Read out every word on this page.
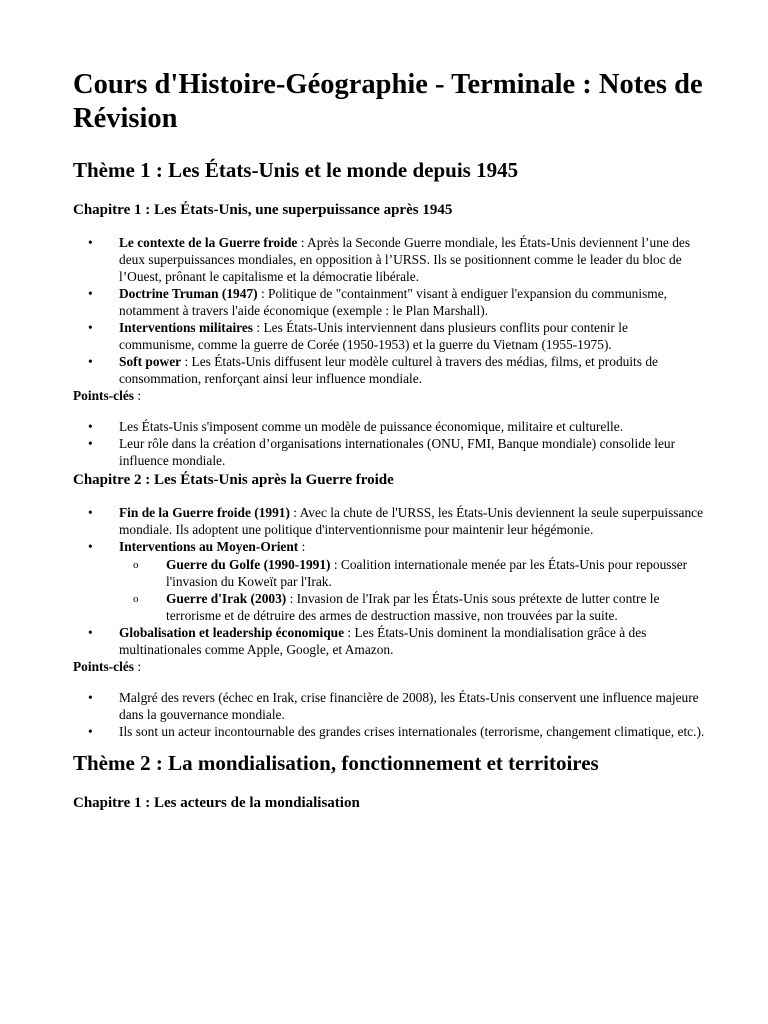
Cours d'Histoire-Géographie - Terminale : Notes de Révision
Thème 1 : Les États-Unis et le monde depuis 1945
Chapitre 1 : Les États-Unis, une superpuissance après 1945
• Le contexte de la Guerre froide : Après la Seconde Guerre mondiale, les États-Unis deviennent l’une des deux superpuissances mondiales, en opposition à l’URSS. Ils se positionnent comme le leader du bloc de l’Ouest, prônant le capitalisme et la démocratie libérale.
• Doctrine Truman (1947) : Politique de "containment" visant à endiguer l'expansion du communisme, notamment à travers l'aide économique (exemple : le Plan Marshall).
• Interventions militaires : Les États-Unis interviennent dans plusieurs conflits pour contenir le communisme, comme la guerre de Corée (1950-1953) et la guerre du Vietnam (1955-1975).
• Soft power : Les États-Unis diffusent leur modèle culturel à travers des médias, films, et produits de consommation, renforçant ainsi leur influence mondiale.
Points-clés :
• Les États-Unis s'imposent comme un modèle de puissance économique, militaire et culturelle.
• Leur rôle dans la création d’organisations internationales (ONU, FMI, Banque mondiale) consolide leur influence mondiale.
Chapitre 2 : Les États-Unis après la Guerre froide
• Fin de la Guerre froide (1991) : Avec la chute de l'URSS, les États-Unis deviennent la seule superpuissance mondiale. Ils adoptent une politique d'interventionnisme pour maintenir leur hégémonie.
• Interventions au Moyen-Orient :
o Guerre du Golfe (1990-1991) : Coalition internationale menée par les États-Unis pour repousser l'invasion du Koweït par l'Irak.
o Guerre d'Irak (2003) : Invasion de l'Irak par les États-Unis sous prétexte de lutter contre le terrorisme et de détruire des armes de destruction massive, non trouvées par la suite.
• Globalisation et leadership économique : Les États-Unis dominent la mondialisation grâce à des multinationales comme Apple, Google, et Amazon.
Points-clés :
• Malgré des revers (échec en Irak, crise financière de 2008), les États-Unis conservent une influence majeure dans la gouvernance mondiale.
• Ils sont un acteur incontournable des grandes crises internationales (terrorisme, changement climatique, etc.).
Thème 2 : La mondialisation, fonctionnement et territoires
Chapitre 1 : Les acteurs de la mondialisation
